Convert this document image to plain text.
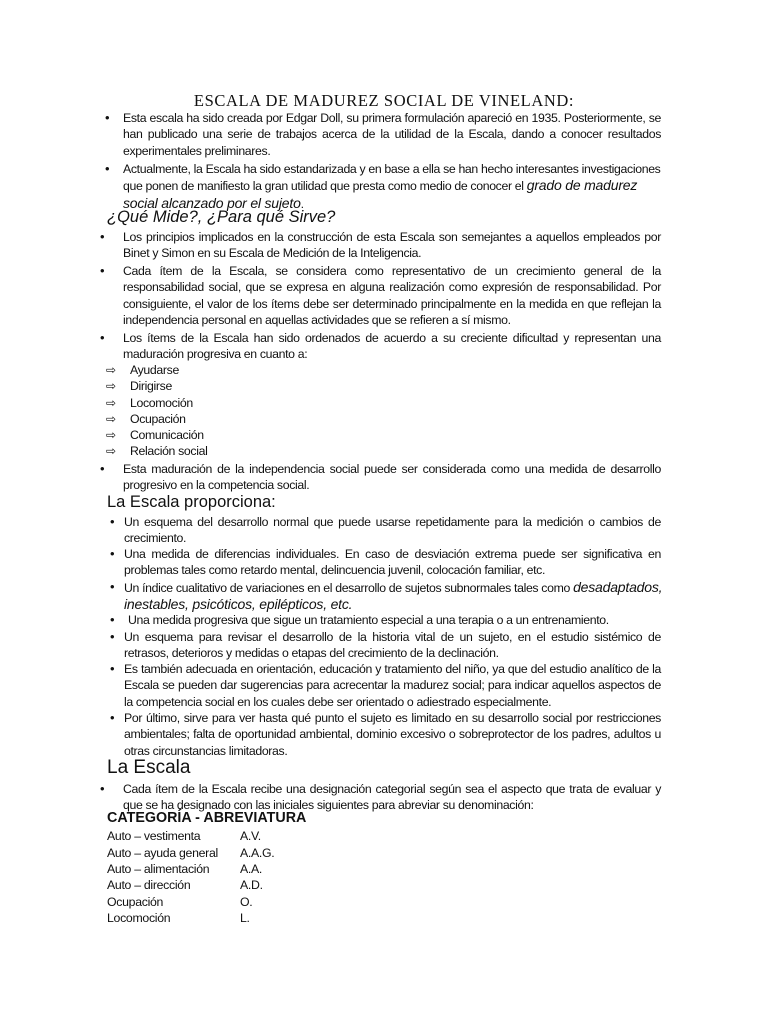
ESCALA DE MADUREZ SOCIAL DE VINELAND:
• Esta escala ha sido creada por Edgar Doll, su primera formulación apareció en 1935. Posteriormente, se han publicado una serie de trabajos acerca de la utilidad de la Escala, dando a conocer resultados experimentales preliminares.
• Actualmente, la Escala ha sido estandarizada y en base a ella se han hecho interesantes investigaciones que ponen de manifiesto la gran utilidad que presta como medio de conocer el grado de madurez social alcanzado por el sujeto.
¿Qué Mide?, ¿Para qué Sirve?
• Los principios implicados en la construcción de esta Escala son semejantes a aquellos empleados por Binet y Simon en su Escala de Medición de la Inteligencia.
• Cada ítem de la Escala, se considera como representativo de un crecimiento general de la responsabilidad social, que se expresa en alguna realización como expresión de responsabilidad. Por consiguiente, el valor de los ítems debe ser determinado principalmente en la medida en que reflejan la independencia personal en aquellas actividades que se refieren a sí mismo.
• Los ítems de la Escala han sido ordenados de acuerdo a su creciente dificultad y representan una maduración progresiva en cuanto a:
⇨ Ayudarse
⇨ Dirigirse
⇨ Locomoción
⇨ Ocupación
⇨ Comunicación
⇨ Relación social
• Esta maduración de la independencia social puede ser considerada como una medida de desarrollo progresivo en la competencia social.
La Escala proporciona:
• Un esquema del desarrollo normal que puede usarse repetidamente para la medición o cambios de crecimiento.
• Una medida de diferencias individuales. En caso de desviación extrema puede ser significativa en problemas tales como retardo mental, delincuencia juvenil, colocación familiar, etc.
• Un índice cualitativo de variaciones en el desarrollo de sujetos subnormales tales como desadaptados, inestables, psicóticos, epilépticos, etc.
• Una medida progresiva que sigue un tratamiento especial a una terapia o a un entrenamiento.
• Un esquema para revisar el desarrollo de la historia vital de un sujeto, en el estudio sistémico de retrasos, deterioros y medidas o etapas del crecimiento de la declinación.
• Es también adecuada en orientación, educación y tratamiento del niño, ya que del estudio analítico de la Escala se pueden dar sugerencias para acrecentar la madurez social; para indicar aquellos aspectos de la competencia social en los cuales debe ser orientado o adiestrado especialmente.
• Por último, sirve para ver hasta qué punto el sujeto es limitado en su desarrollo social por restricciones ambientales; falta de oportunidad ambiental, dominio excesivo o sobreprotector de los padres, adultos u otras circunstancias limitadoras.
La Escala
• Cada ítem de la Escala recibe una designación categorial según sea el aspecto que trata de evaluar y que se ha designado con las iniciales siguientes para abreviar su denominación:
CATEGORÍA - ABREVIATURA
Auto – vestimenta	A.V.
Auto – ayuda general A.A.G.
Auto – alimentación A.A.
Auto – dirección	A.D.
Ocupación	O.
Locomoción	L.
